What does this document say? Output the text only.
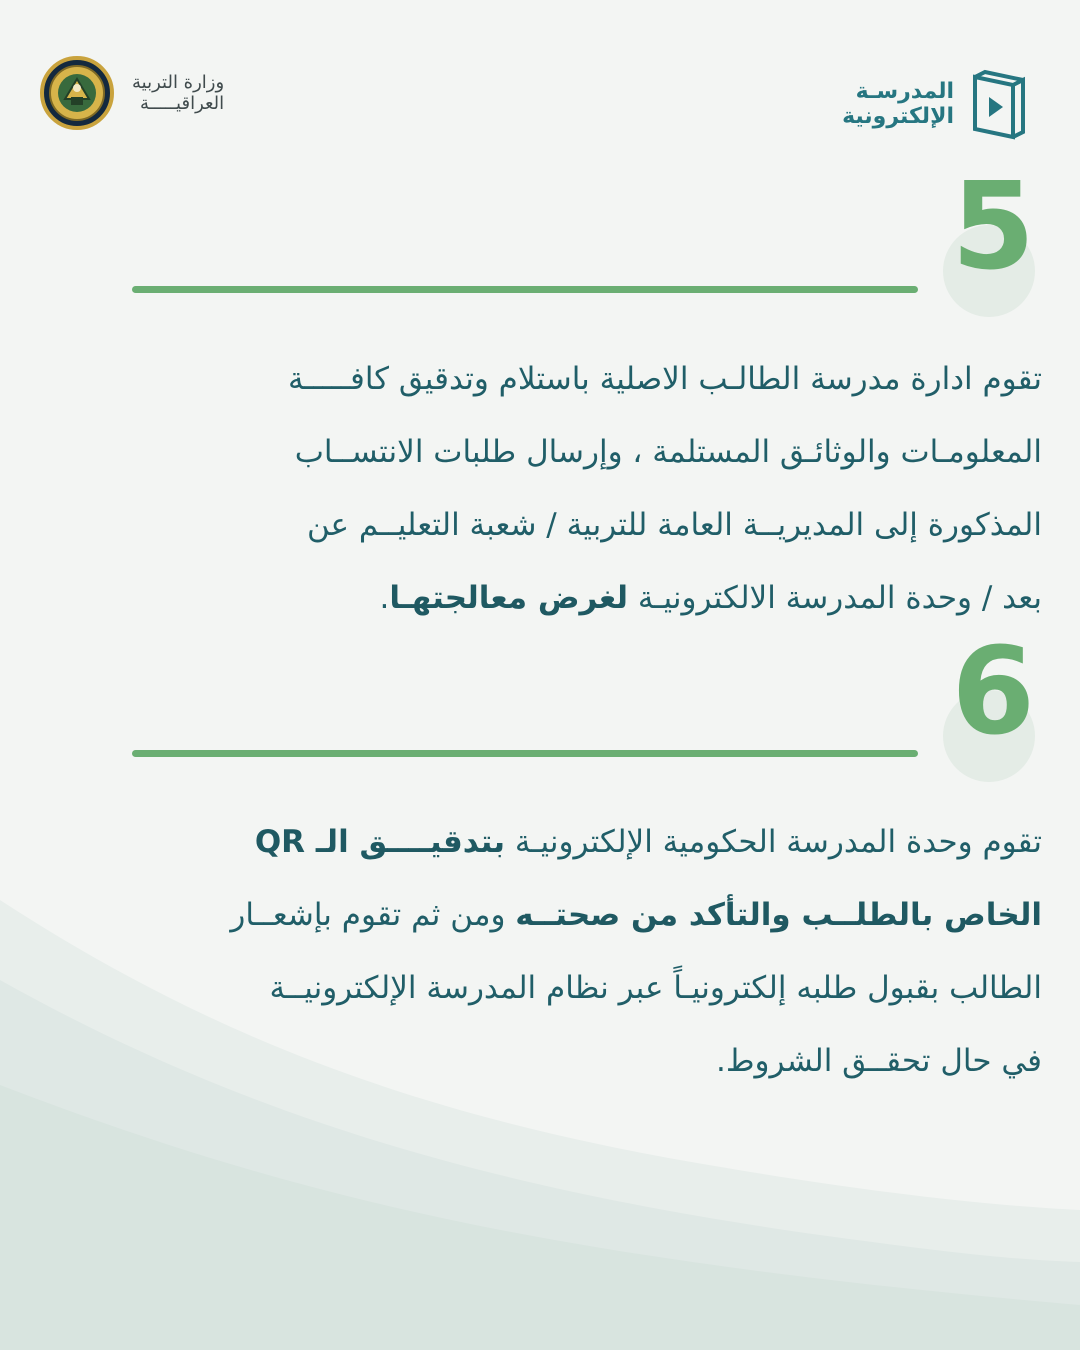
وزارة التربية
العراقيـــــة	المدرسـة
الإلكترونية
5
تقوم ادارة مدرسة الطالـب الاصلية باستلام وتدقيق كافـــــة
المعلومـات والوثائـق المستلمة ، وإرسال طلبات الانتســاب
المذكورة إلى المديريــة العامة للتربية / شعبة التعليــم عن
بعد / وحدة المدرسة الالكترونيـة لغرض معالجتهـا.
6
تقوم وحدة المدرسة الحكومية الإلكترونيـة بتدقيــــق الـ QR
الخاص بالطلــب والتأكد من صحتــه ومن ثم تقوم بإشعــار
الطالب بقبول طلبه إلكترونيـاً عبر نظام المدرسة الإلكترونيــة
في حال تحقــق الشروط.
